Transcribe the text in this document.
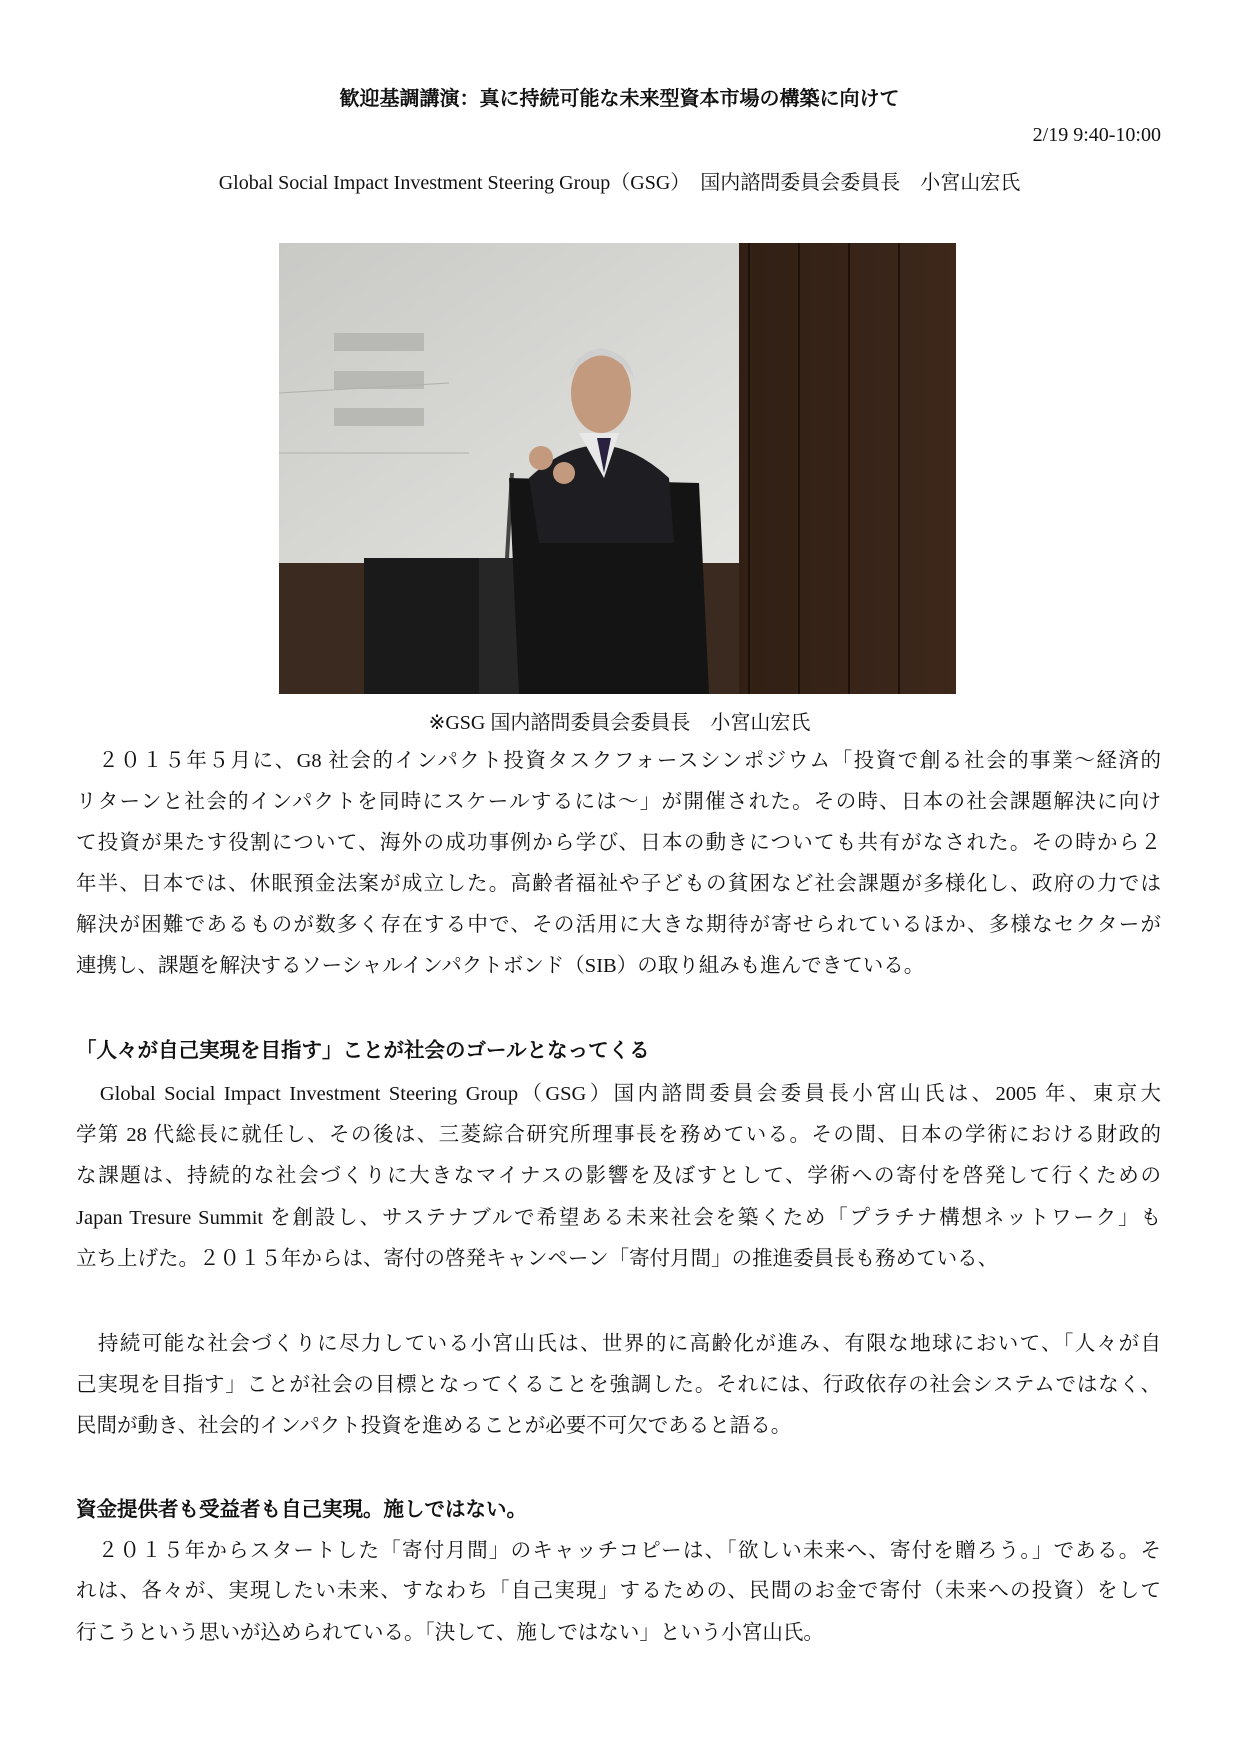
歓迎基調講演：真に持続可能な未来型資本市場の構築に向けて
2/19 9:40-10:00
Global Social Impact Investment Steering Group（GSG）　国内諮問委員会委員長　小宮山宏氏
※GSG 国内諮問委員会委員長　小宮山宏氏
　２０１５年５月に、G8 社会的インパクト投資タスクフォースシンポジウム「投資で創る社会的事業～経済的
リターンと社会的インパクトを同時にスケールするには～」が開催された。その時、日本の社会課題解決に向け
て投資が果たす役割について、海外の成功事例から学び、日本の動きについても共有がなされた。その時から２
年半、日本では、休眠預金法案が成立した。高齢者福祉や子どもの貧困など社会課題が多様化し、政府の力では
解決が困難であるものが数多く存在する中で、その活用に大きな期待が寄せられているほか、多様なセクターが
連携し、課題を解決するソーシャルインパクトボンド（SIB）の取り組みも進んできている。
「人々が自己実現を目指す」ことが社会のゴールとなってくる
　Global Social Impact Investment Steering Group（GSG）国内諮問委員会委員長小宮山氏は、2005 年、東京大
学第 28 代総長に就任し、その後は、三菱綜合研究所理事長を務めている。その間、日本の学術における財政的
な課題は、持続的な社会づくりに大きなマイナスの影響を及ぼすとして、学術への寄付を啓発して行くための
Japan Tresure Summit を創設し、サステナブルで希望ある未来社会を築くため「プラチナ構想ネットワーク」も
立ち上げた。２０１５年からは、寄付の啓発キャンペーン「寄付月間」の推進委員長も務めている、
　持続可能な社会づくりに尽力している小宮山氏は、世界的に高齢化が進み、有限な地球において、「人々が自
己実現を目指す」ことが社会の目標となってくることを強調した。それには、行政依存の社会システムではなく、
民間が動き、社会的インパクト投資を進めることが必要不可欠であると語る。
資金提供者も受益者も自己実現。施しではない。
　２０１５年からスタートした「寄付月間」のキャッチコピーは、「欲しい未来へ、寄付を贈ろう。」である。そ
れは、各々が、実現したい未来、すなわち「自己実現」するための、民間のお金で寄付（未来への投資）をして
行こうという思いが込められている。「決して、施しではない」という小宮山氏。
